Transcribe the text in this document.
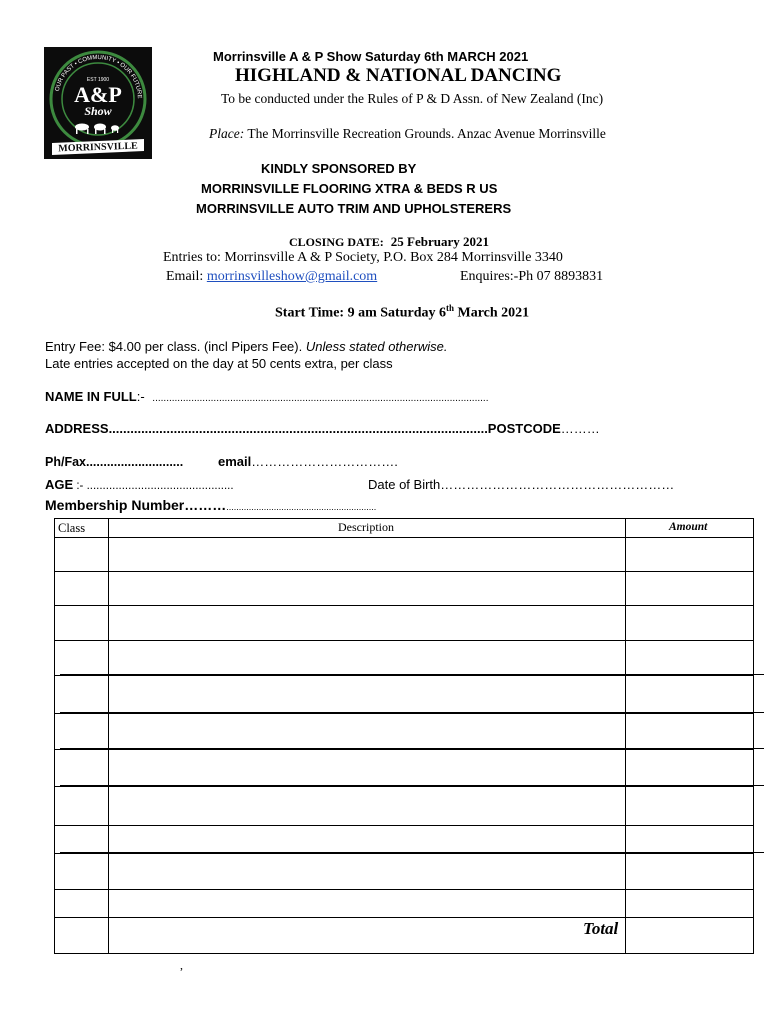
OUR PAST • COMMUNITY • OUR FUTURE
EST 1900
A&P
Show
MORRINSVILLE
Morrinsville A & P Show Saturday 6th MARCH 2021
HIGHLAND & NATIONAL DANCING
To be conducted under the Rules of P & D Assn. of New Zealand (Inc)
Place: The Morrinsville Recreation Grounds. Anzac Avenue Morrinsville
KINDLY SPONSORED BY
MORRINSVILLE FLOORING XTRA & BEDS R US
MORRINSVILLE AUTO TRIM AND UPHOLSTERERS
CLOSING DATE: 25 February 2021
Entries to: Morrinsville A & P Society, P.O. Box 284 Morrinsville 3340
Email: morrinsvilleshow@gmail.com	Enquires:-Ph 07 8893831
Start Time: 9 am Saturday 6th March 2021
Entry Fee: $4.00 per class. (incl Pipers Fee). Unless stated otherwise.
Late entries accepted on the day at 50 cents extra, per class
NAME IN FULL:- .........................................................................................................................
ADDRESS.........................................................................................................POSTCODE………
Ph/Fax............................	email…………………………….
AGE :- ..............................................	Date of Birth………………………………………………
Membership Number………............................................................
Class	Description	Amount
Total
,
